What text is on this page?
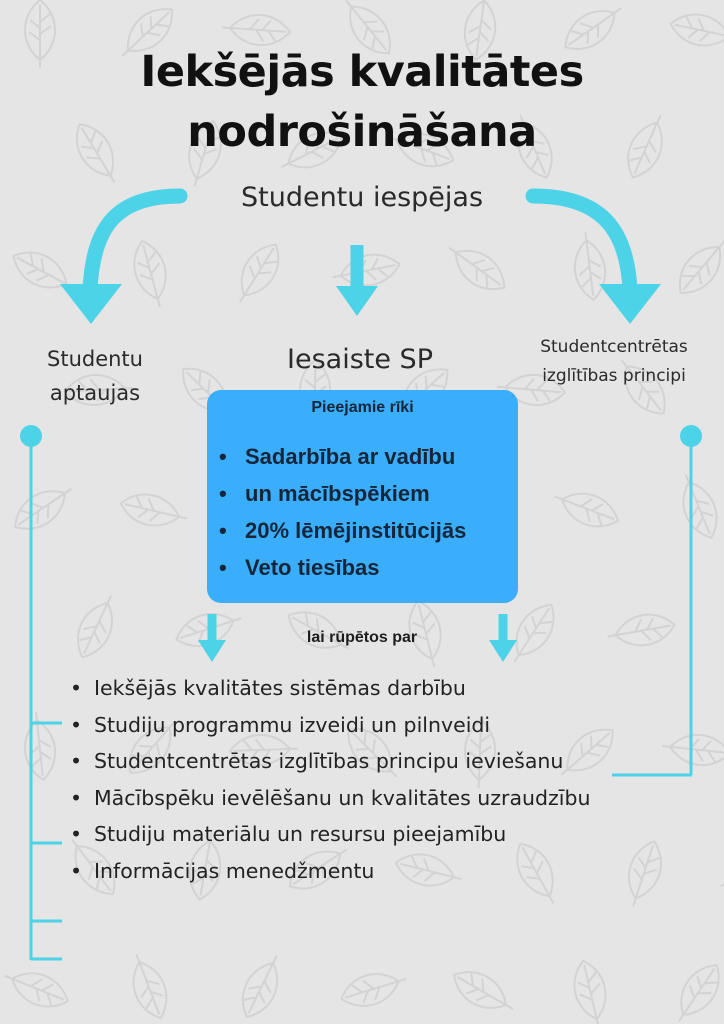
Iekšējās kvalitātes
nodrošināšana
Studentu iespējas
Studentu aptaujas
Iesaiste SP	Studentcentrētas izglītības principi
Pieejamie rīki
• Sadarbība ar vadību
• un mācībspēkiem
• 20% lēmējinstitūcijās
• Veto tiesības
lai rūpētos par
• Iekšējās kvalitātes sistēmas darbību
• Studiju programmu izveidi un pilnveidi
• Studentcentrētas izglītības principu ieviešanu
• Mācībspēku ievēlēšanu un kvalitātes uzraudzību
• Studiju materiālu un resursu pieejamību
• Informācijas menedžmentu
